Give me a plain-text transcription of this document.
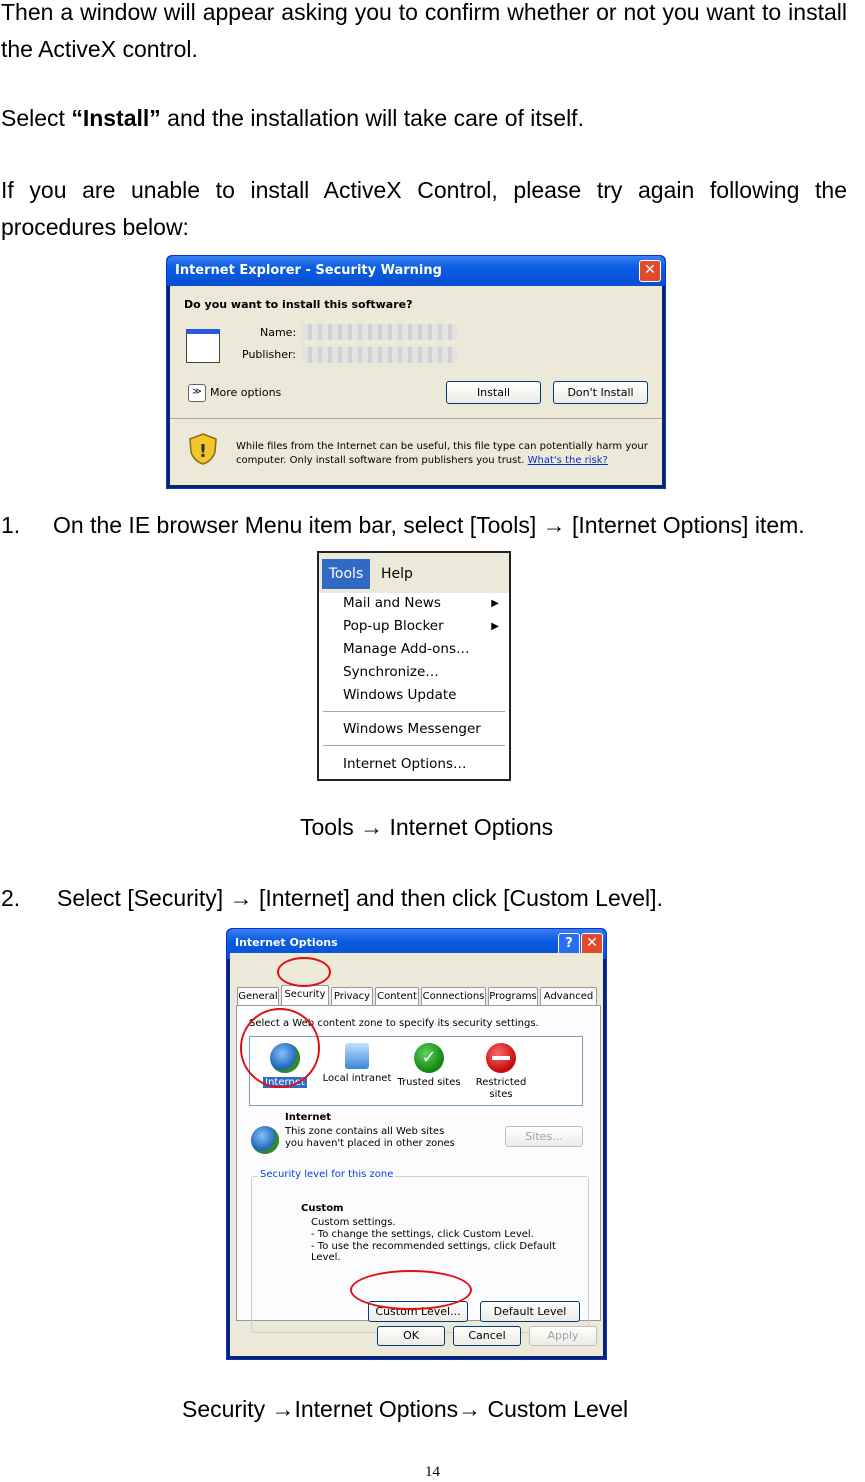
Then a window will appear asking you to confirm whether or not you want to install the ActiveX control.

Select “Install” and the installation will take care of itself.

If you are unable to install ActiveX Control, please try again following the procedures below:

Internet Explorer - Security Warning	✕
Do you want to install this software?
Name:
Publisher:
≫ More options	Install	Don't Install
!	While files from the Internet can be useful, this file type can potentially harm your computer. Only install software from publishers you trust. What's the risk?
1. On the IE browser Menu item bar, select [Tools] → [Internet Options] item.
Tools	Help
Mail and News	▶
Pop-up Blocker	▶
Manage Add-ons…
Synchronize…
Windows Update
Windows Messenger
Internet Options…
Tools → Internet Options
2. Select [Security] → [Internet] and then click [Custom Level].
Internet Options	? ✕
General Security Privacy Content Connections Programs Advanced
Select a Web content zone to specify its security settings.
Internet	Local intranet
✓
Trusted sites	Restricted sites
Internet
This zone contains all Web sites you haven't placed in other zones
Sites...
Security level for this zone
Custom
Custom settings.
- To change the settings, click Custom Level.
- To use the recommended settings, click Default Level.
Custom Level...	Default Level
OK	Cancel	Apply
Security →Internet Options→ Custom Level
14
